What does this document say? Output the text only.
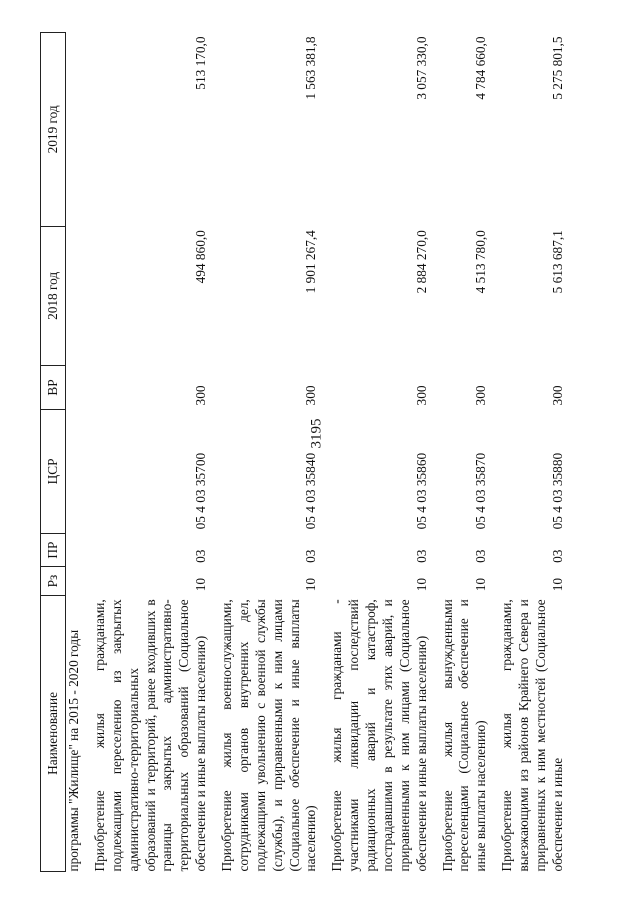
3195
Наименование	Рз	ПР	ЦСР	ВР	2018 год	2019 год
программы "Жилище" на 2015 - 2020 годы						
Приобретение жилья гражданами, подлежащими переселению из закрытых административно-территориальных образований и территорий, ранее входивших в границы закрытых административно-территориальных образований (Социальное обеспечение и иные выплаты населению)	10	03	05 4 03 35700	300	494 860,0	513 170,0
Приобретение жилья военнослужащими, сотрудниками органов внутренних дел, подлежащими увольнению с военной службы (службы), и приравненными к ним лицами (Социальное обеспечение и иные выплаты населению)	10	03	05 4 03 35840	300	1 901 267,4	1 563 381,8
Приобретение жилья гражданами - участниками ликвидации последствий радиационных аварий и катастроф, пострадавшими в результате этих аварий, и приравненными к ним лицами (Социальное обеспечение и иные выплаты населению)	10	03	05 4 03 35860	300	2 884 270,0	3 057 330,0
Приобретение жилья вынужденными переселенцами (Социальное обеспечение и иные выплаты населению)	10	03	05 4 03 35870	300	4 513 780,0	4 784 660,0
Приобретение жилья гражданами, выезжающими из районов Крайнего Севера и приравненных к ним местностей (Социальное обеспечение и иные	10	03	05 4 03 35880	300	5 613 687,1	5 275 801,5
